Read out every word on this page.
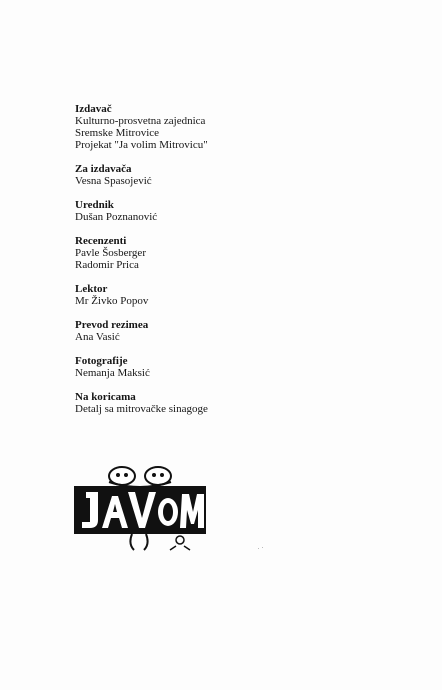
Izdavač

Kulturno-prosvetna zajednica

Sremske Mitrovice

Projekat "Ja volim Mitrovicu"

Za izdavača

Vesna Spasojević

Urednik

Dušan Poznanović

Recenzenti

Pavle Šosberger

Radomir Prica

Lektor

Mr Živko Popov

Prevod rezimea

Ana Vasić

Fotografije

Nemanja Maksić

Na koricama

Detalj sa mitrovačke sinagoge
